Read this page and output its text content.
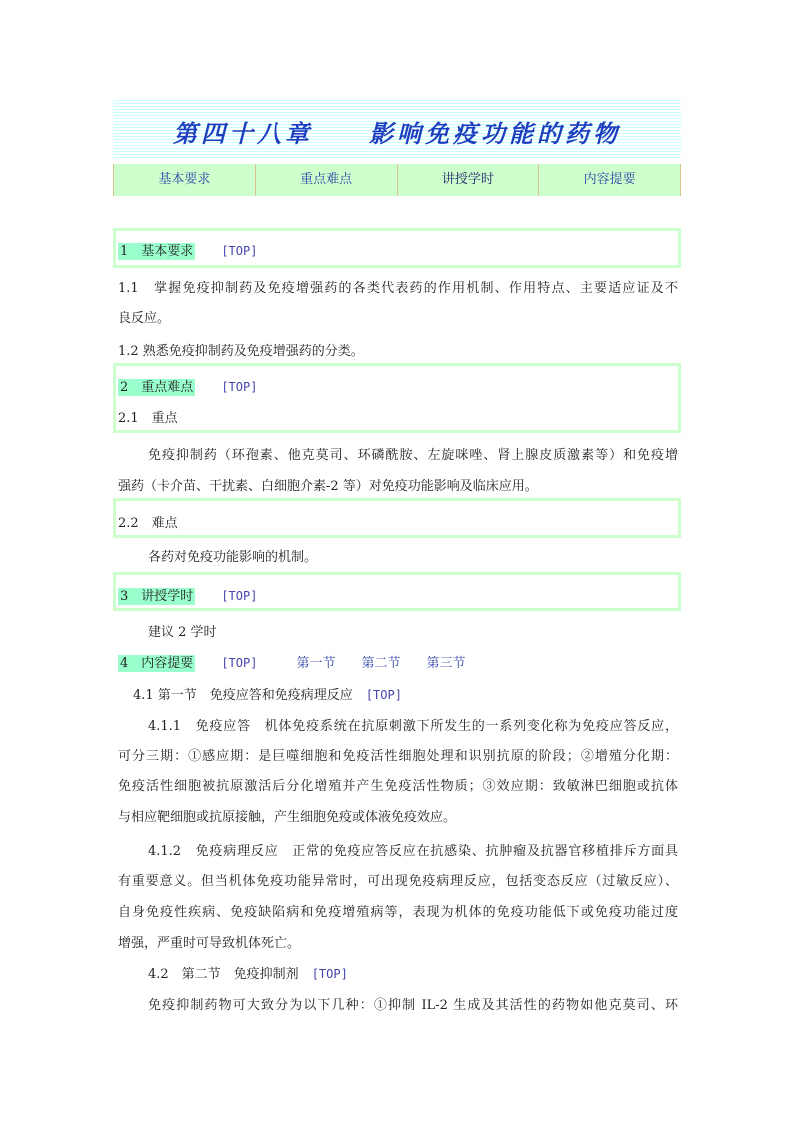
第四十八章　　影响免疫功能的药物
基本要求	重点难点	讲授学时	内容提要
1　 基本要求　　 [TOP]
1.1　掌握免疫抑制药及免疫增强药的各类代表药的作用机制、作用特点、主要适应证及不
良反应。
1.2 熟悉免疫抑制药及免疫增强药的分类。
2　 重点难点　　 [TOP]
2.1　重点
免疫抑制药（环孢素、他克莫司、环磷酰胺、左旋咪唑、肾上腺皮质激素等）和免疫增
强药（卡介苗、干扰素、白细胞介素-2 等）对免疫功能影响及临床应用。
2.2　难点
各药对免疫功能影响的机制。
3　 讲授学时　　 [TOP]
建议 2 学时
4　 内容提要　　 [TOP]　　　	第一节　　 第二节　　 第三节
4.1 第一节　免疫应答和免疫病理反应　 [TOP]
4.1.1　免疫应答　机体免疫系统在抗原刺激下所发生的一系列变化称为免疫应答反应，
可分三期：①感应期：是巨噬细胞和免疫活性细胞处理和识别抗原的阶段；②增殖分化期：
免疫活性细胞被抗原激活后分化增殖并产生免疫活性物质；③效应期：致敏淋巴细胞或抗体
与相应靶细胞或抗原接触，产生细胞免疫或体液免疫效应。
4.1.2　免疫病理反应　正常的免疫应答反应在抗感染、抗肿瘤及抗器官移植排斥方面具
有重要意义。但当机体免疫功能异常时，可出现免疫病理反应，包括变态反应（过敏反应）、
自身免疫性疾病、免疫缺陷病和免疫增殖病等，表现为机体的免疫功能低下或免疫功能过度
增强，严重时可导致机体死亡。
4.2　第二节　免疫抑制剂　 [TOP]
免疫抑制药物可大致分为以下几种：①抑制 IL-2 生成及其活性的药物如他克莫司、环
